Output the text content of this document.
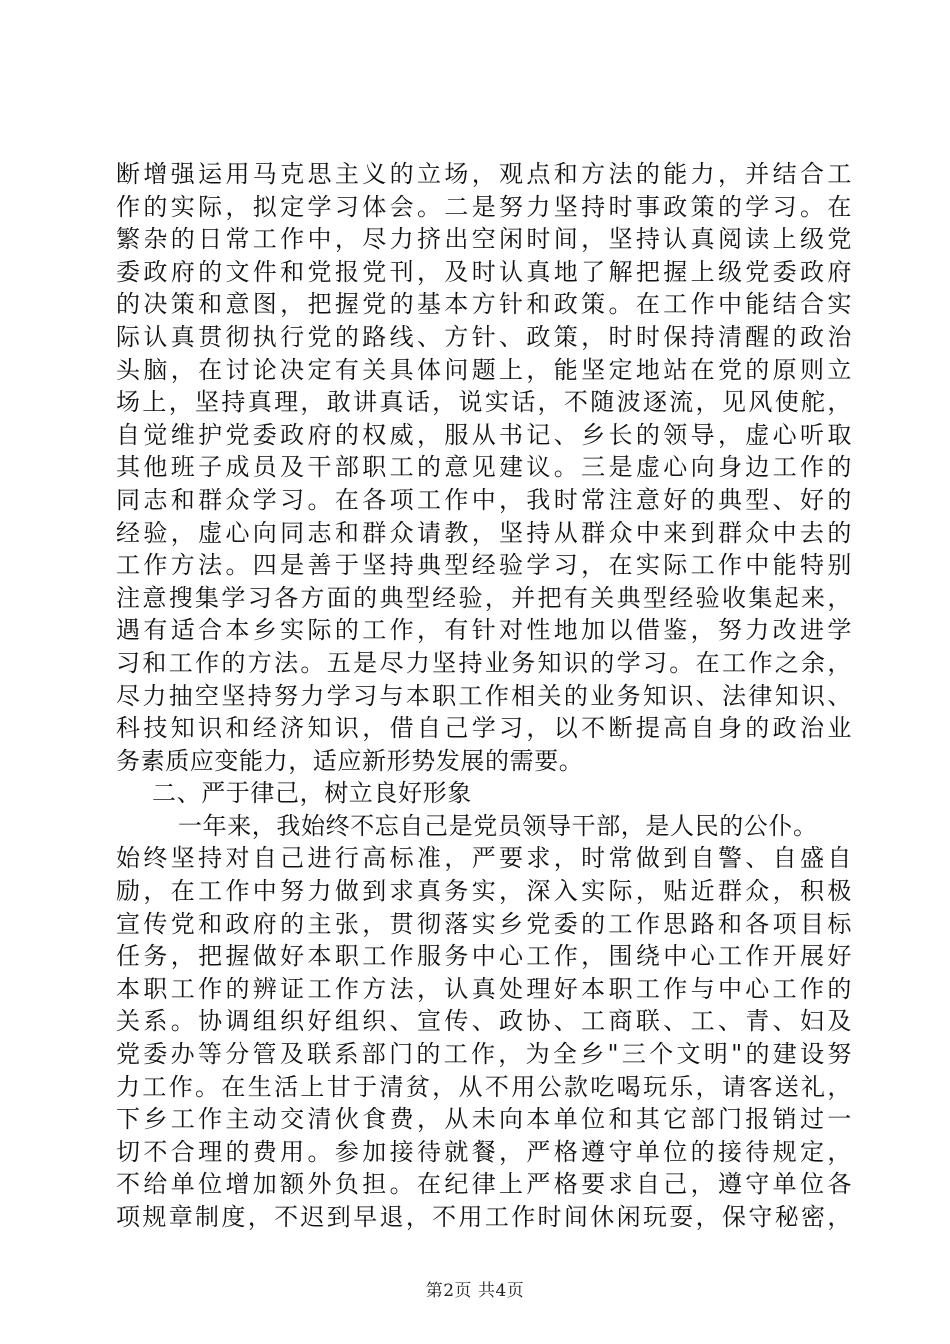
断增强运用马克思主义的立场，观点和方法的能力，并结合工
作的实际，拟定学习体会。二是努力坚持时事政策的学习。在
繁杂的日常工作中，尽力挤出空闲时间，坚持认真阅读上级党
委政府的文件和党报党刊，及时认真地了解把握上级党委政府
的决策和意图，把握党的基本方针和政策。在工作中能结合实
际认真贯彻执行党的路线、方针、政策，时时保持清醒的政治
头脑，在讨论决定有关具体问题上，能坚定地站在党的原则立
场上，坚持真理，敢讲真话，说实话，不随波逐流，见风使舵，
自觉维护党委政府的权威，服从书记、乡长的领导，虚心听取
其他班子成员及干部职工的意见建议。三是虚心向身边工作的
同志和群众学习。在各项工作中，我时常注意好的典型、好的
经验，虚心向同志和群众请教，坚持从群众中来到群众中去的
工作方法。四是善于坚持典型经验学习，在实际工作中能特别
注意搜集学习各方面的典型经验，并把有关典型经验收集起来，
遇有适合本乡实际的工作，有针对性地加以借鉴，努力改进学
习和工作的方法。五是尽力坚持业务知识的学习。在工作之余，
尽力抽空坚持努力学习与本职工作相关的业务知识、法律知识、
科技知识和经济知识，借自己学习，以不断提高自身的政治业
务素质应变能力，适应新形势发展的需要。
二、严于律己，树立良好形象
一年来，我始终不忘自己是党员领导干部，是人民的公仆。
始终坚持对自己进行高标准，严要求，时常做到自警、自盛自
励，在工作中努力做到求真务实，深入实际，贴近群众，积极
宣传党和政府的主张，贯彻落实乡党委的工作思路和各项目标
任务，把握做好本职工作服务中心工作，围绕中心工作开展好
本职工作的辨证工作方法，认真处理好本职工作与中心工作的
关系。协调组织好组织、宣传、政协、工商联、工、青、妇及
党委办等分管及联系部门的工作，为全乡"三个文明"的建设努
力工作。在生活上甘于清贫，从不用公款吃喝玩乐，请客送礼，
下乡工作主动交清伙食费，从未向本单位和其它部门报销过一
切不合理的费用。参加接待就餐，严格遵守单位的接待规定，
不给单位增加额外负担。在纪律上严格要求自己，遵守单位各
项规章制度，不迟到早退，不用工作时间休闲玩耍，保守秘密，
第2页 共4页
